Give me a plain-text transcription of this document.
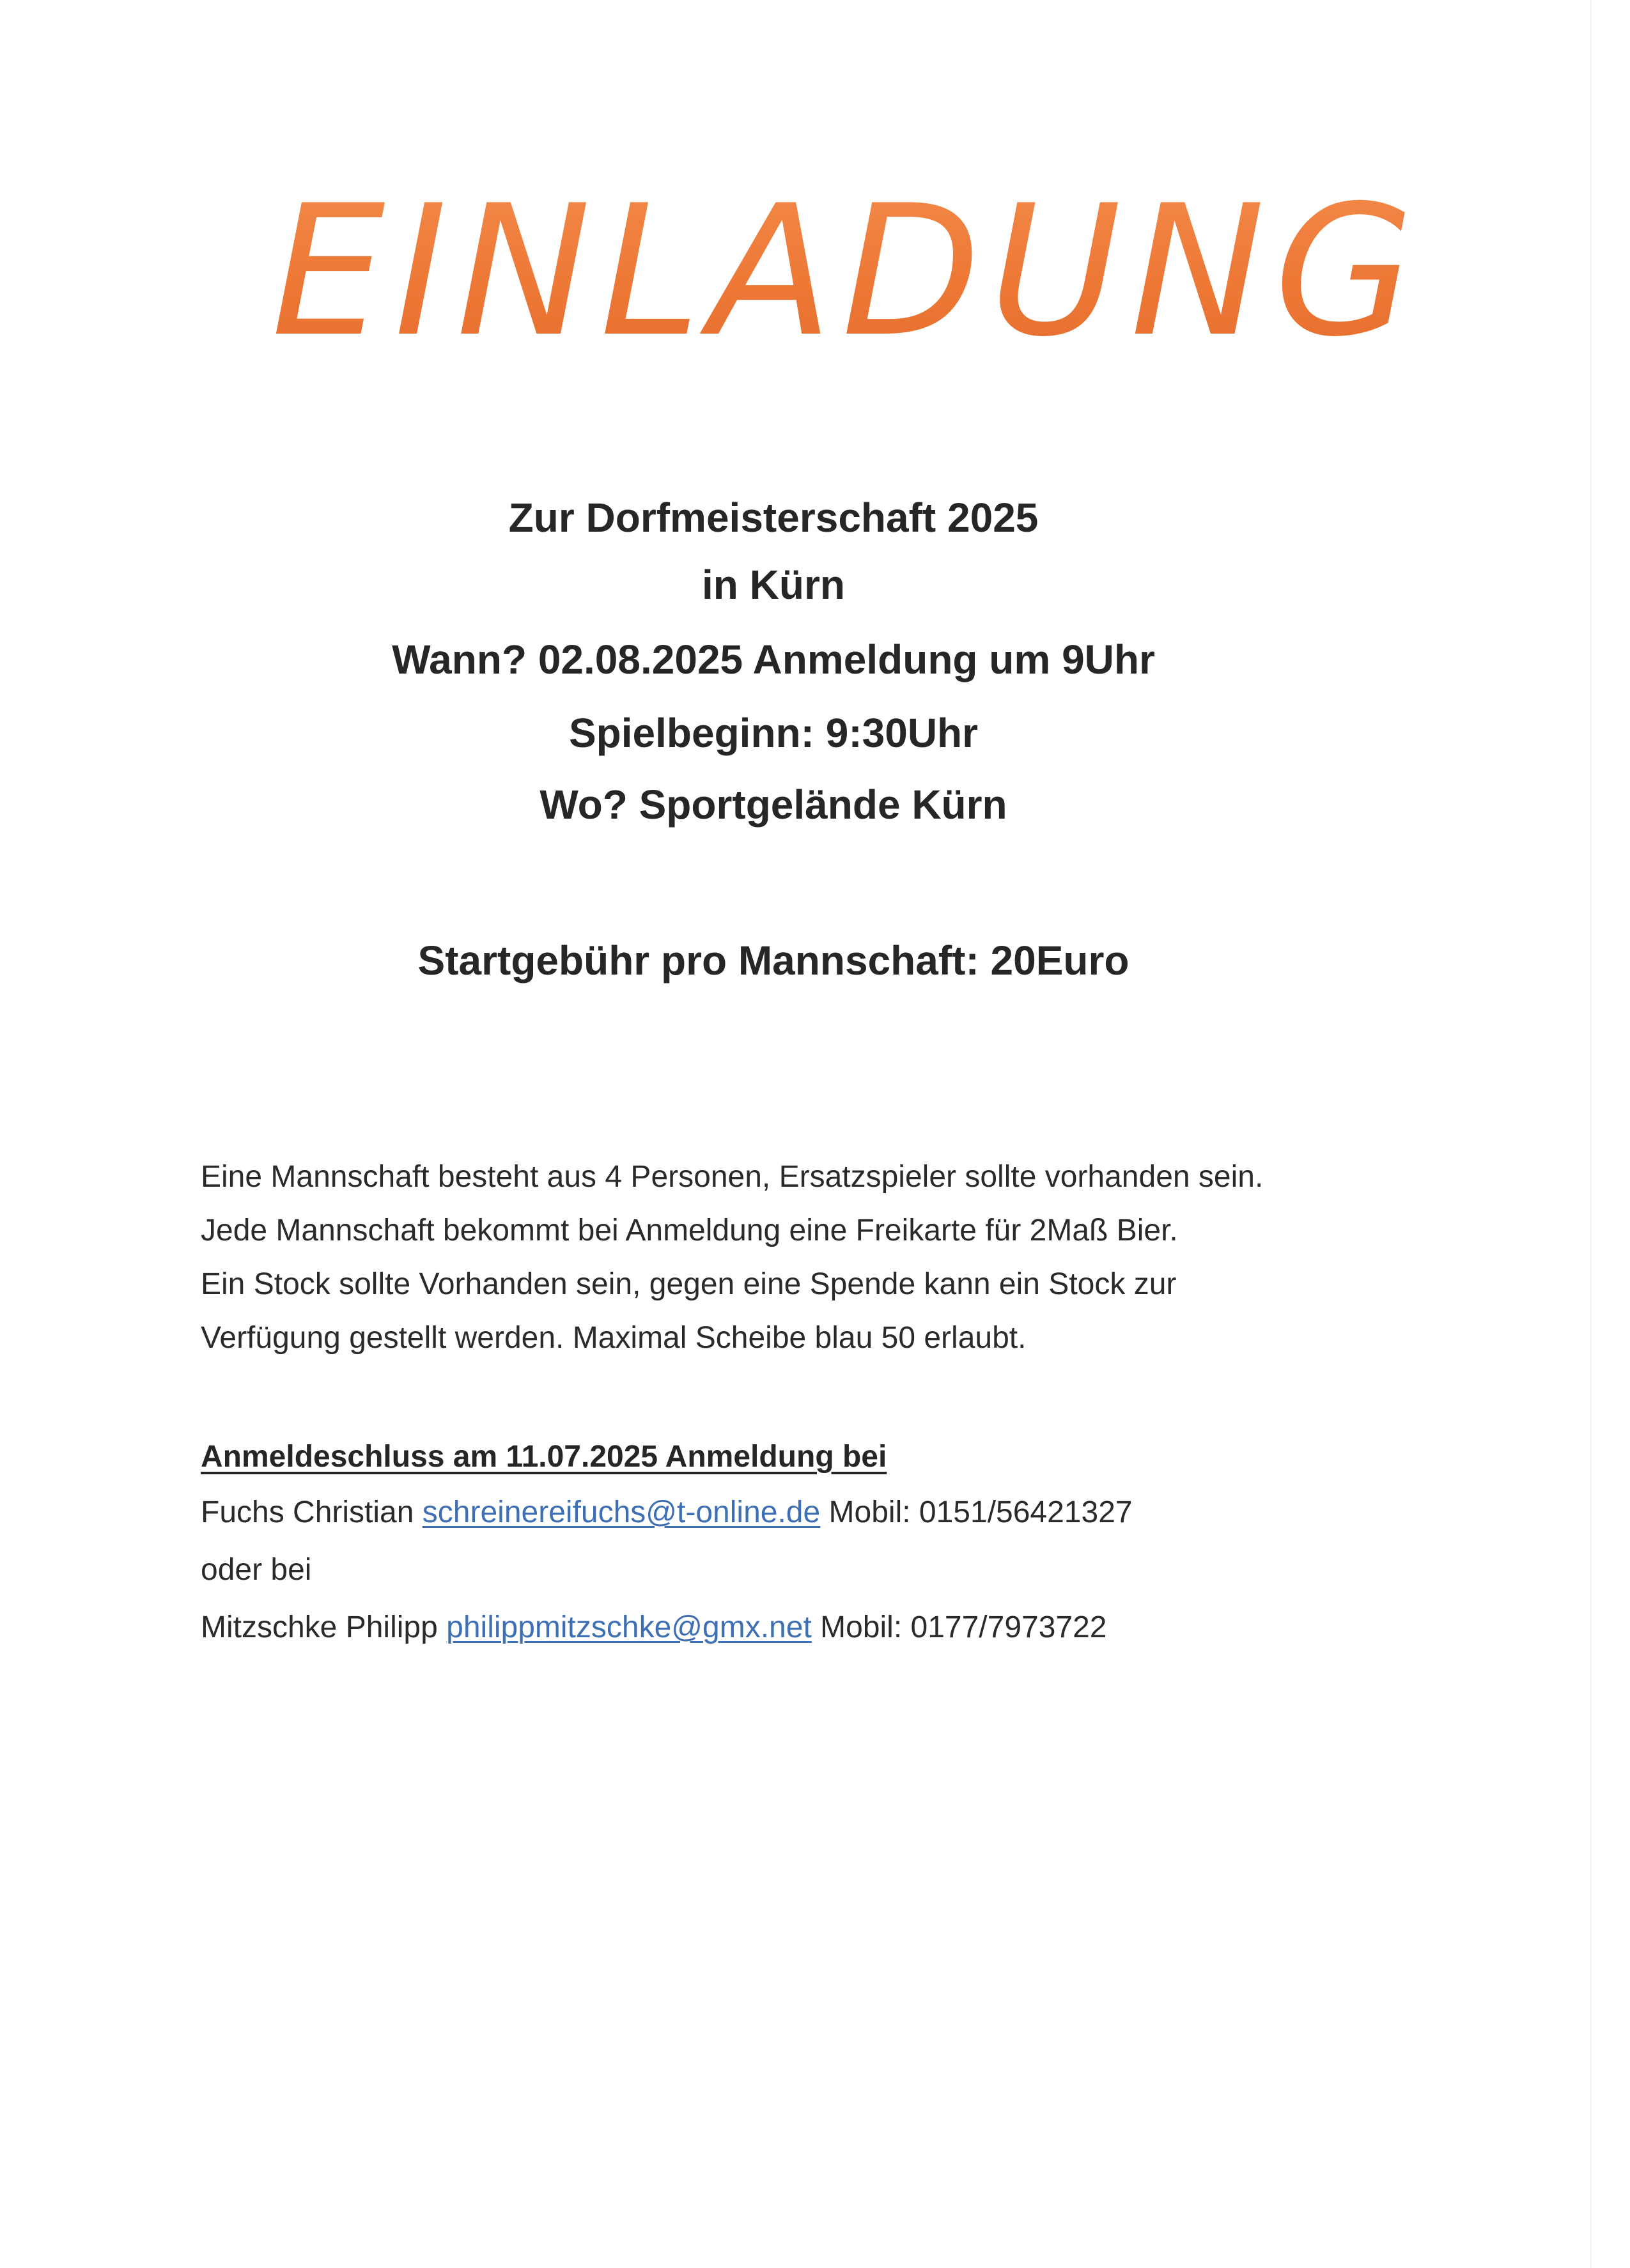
EINLADUNG

Zur Dorfmeisterschaft 2025

in Kürn

Wann? 02.08.2025 Anmeldung um 9Uhr

Spielbeginn: 9:30Uhr

Wo? Sportgelände Kürn

Startgebühr pro Mannschaft: 20Euro

Eine Mannschaft besteht aus 4 Personen, Ersatzspieler sollte vorhanden sein.

Jede Mannschaft bekommt bei Anmeldung eine Freikarte für 2Maß Bier.

Ein Stock sollte Vorhanden sein, gegen eine Spende kann ein Stock zur

Verfügung gestellt werden. Maximal Scheibe blau 50 erlaubt.

Anmeldeschluss am 11.07.2025 Anmeldung bei

Fuchs Christian schreinereifuchs@t-online.de Mobil: 0151/56421327

oder bei

Mitzschke Philipp philippmitzschke@gmx.net Mobil: 0177/7973722
